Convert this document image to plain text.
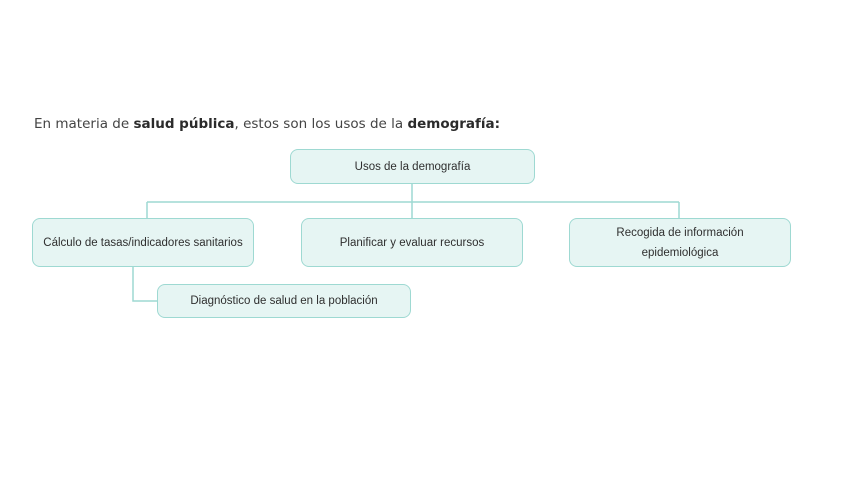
En materia de salud pública, estos son los usos de la demografía:
Usos de la demografía
Cálculo de tasas/indicadores sanitarios	Planificar y evaluar recursos
Recogida de información epidemiológica
Diagnóstico de salud en la población
